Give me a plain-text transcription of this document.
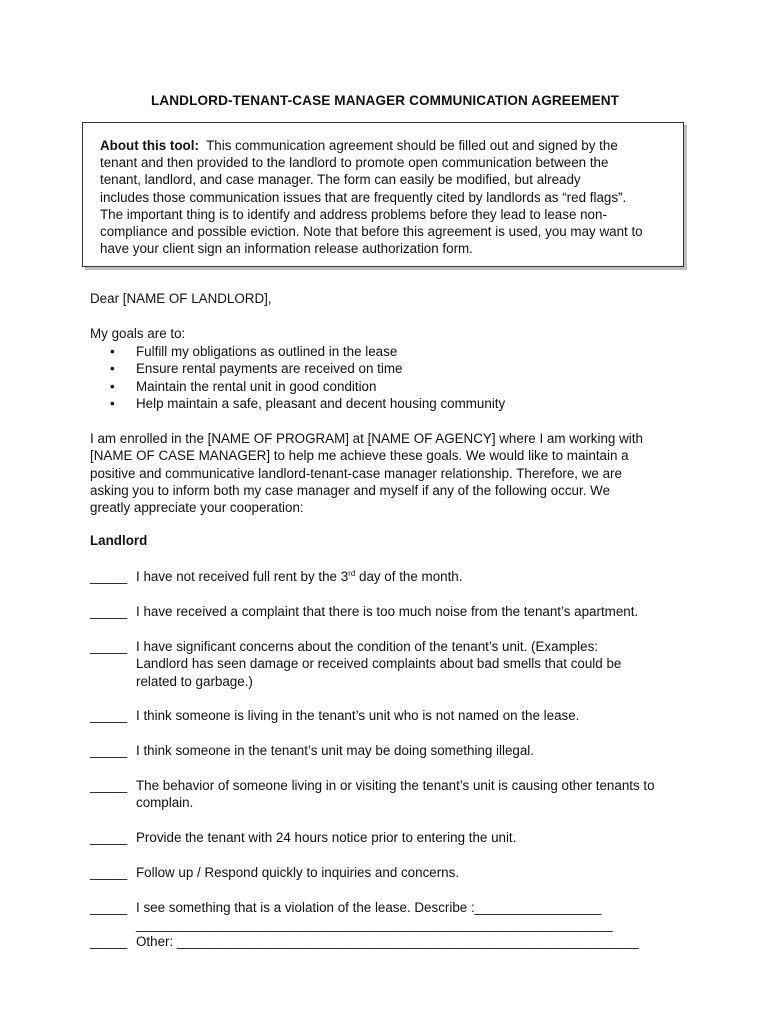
LANDLORD-TENANT-CASE MANAGER COMMUNICATION AGREEMENT
About this tool: This communication agreement should be filled out and signed by the
tenant and then provided to the landlord to promote open communication between the
tenant, landlord, and case manager. The form can easily be modified, but already
includes those communication issues that are frequently cited by landlords as “red flags”.
The important thing is to identify and address problems before they lead to lease non-
compliance and possible eviction. Note that before this agreement is used, you may want to
have your client sign an information release authorization form.
Dear [NAME OF LANDLORD],
My goals are to:
•	Fulfill my obligations as outlined in the lease
•	Ensure rental payments are received on time
•	Maintain the rental unit in good condition
•	Help maintain a safe, pleasant and decent housing community
I am enrolled in the [NAME OF PROGRAM] at [NAME OF AGENCY] where I am working with
[NAME OF CASE MANAGER] to help me achieve these goals. We would like to maintain a
positive and communicative landlord-tenant-case manager relationship. Therefore, we are
asking you to inform both my case manager and myself if any of the following occur. We
greatly appreciate your cooperation:
Landlord
_____ I have not received full rent by the 3rd day of the month.
_____ I have received a complaint that there is too much noise from the tenant’s apartment.
_____ I have significant concerns about the condition of the tenant’s unit. (Examples:
Landlord has seen damage or received complaints about bad smells that could be
related to garbage.)
_____ I think someone is living in the tenant’s unit who is not named on the lease.
_____ I think someone in the tenant’s unit may be doing something illegal.
_____ The behavior of someone living in or visiting the tenant’s unit is causing other tenants to
complain.
_____ Provide the tenant with 24 hours notice prior to entering the unit.
_____ Follow up / Respond quickly to inquiries and concerns.
_____ I see something that is a violation of the lease. Describe :_________________
________________________________________________________________
_____ Other: ______________________________________________________________
